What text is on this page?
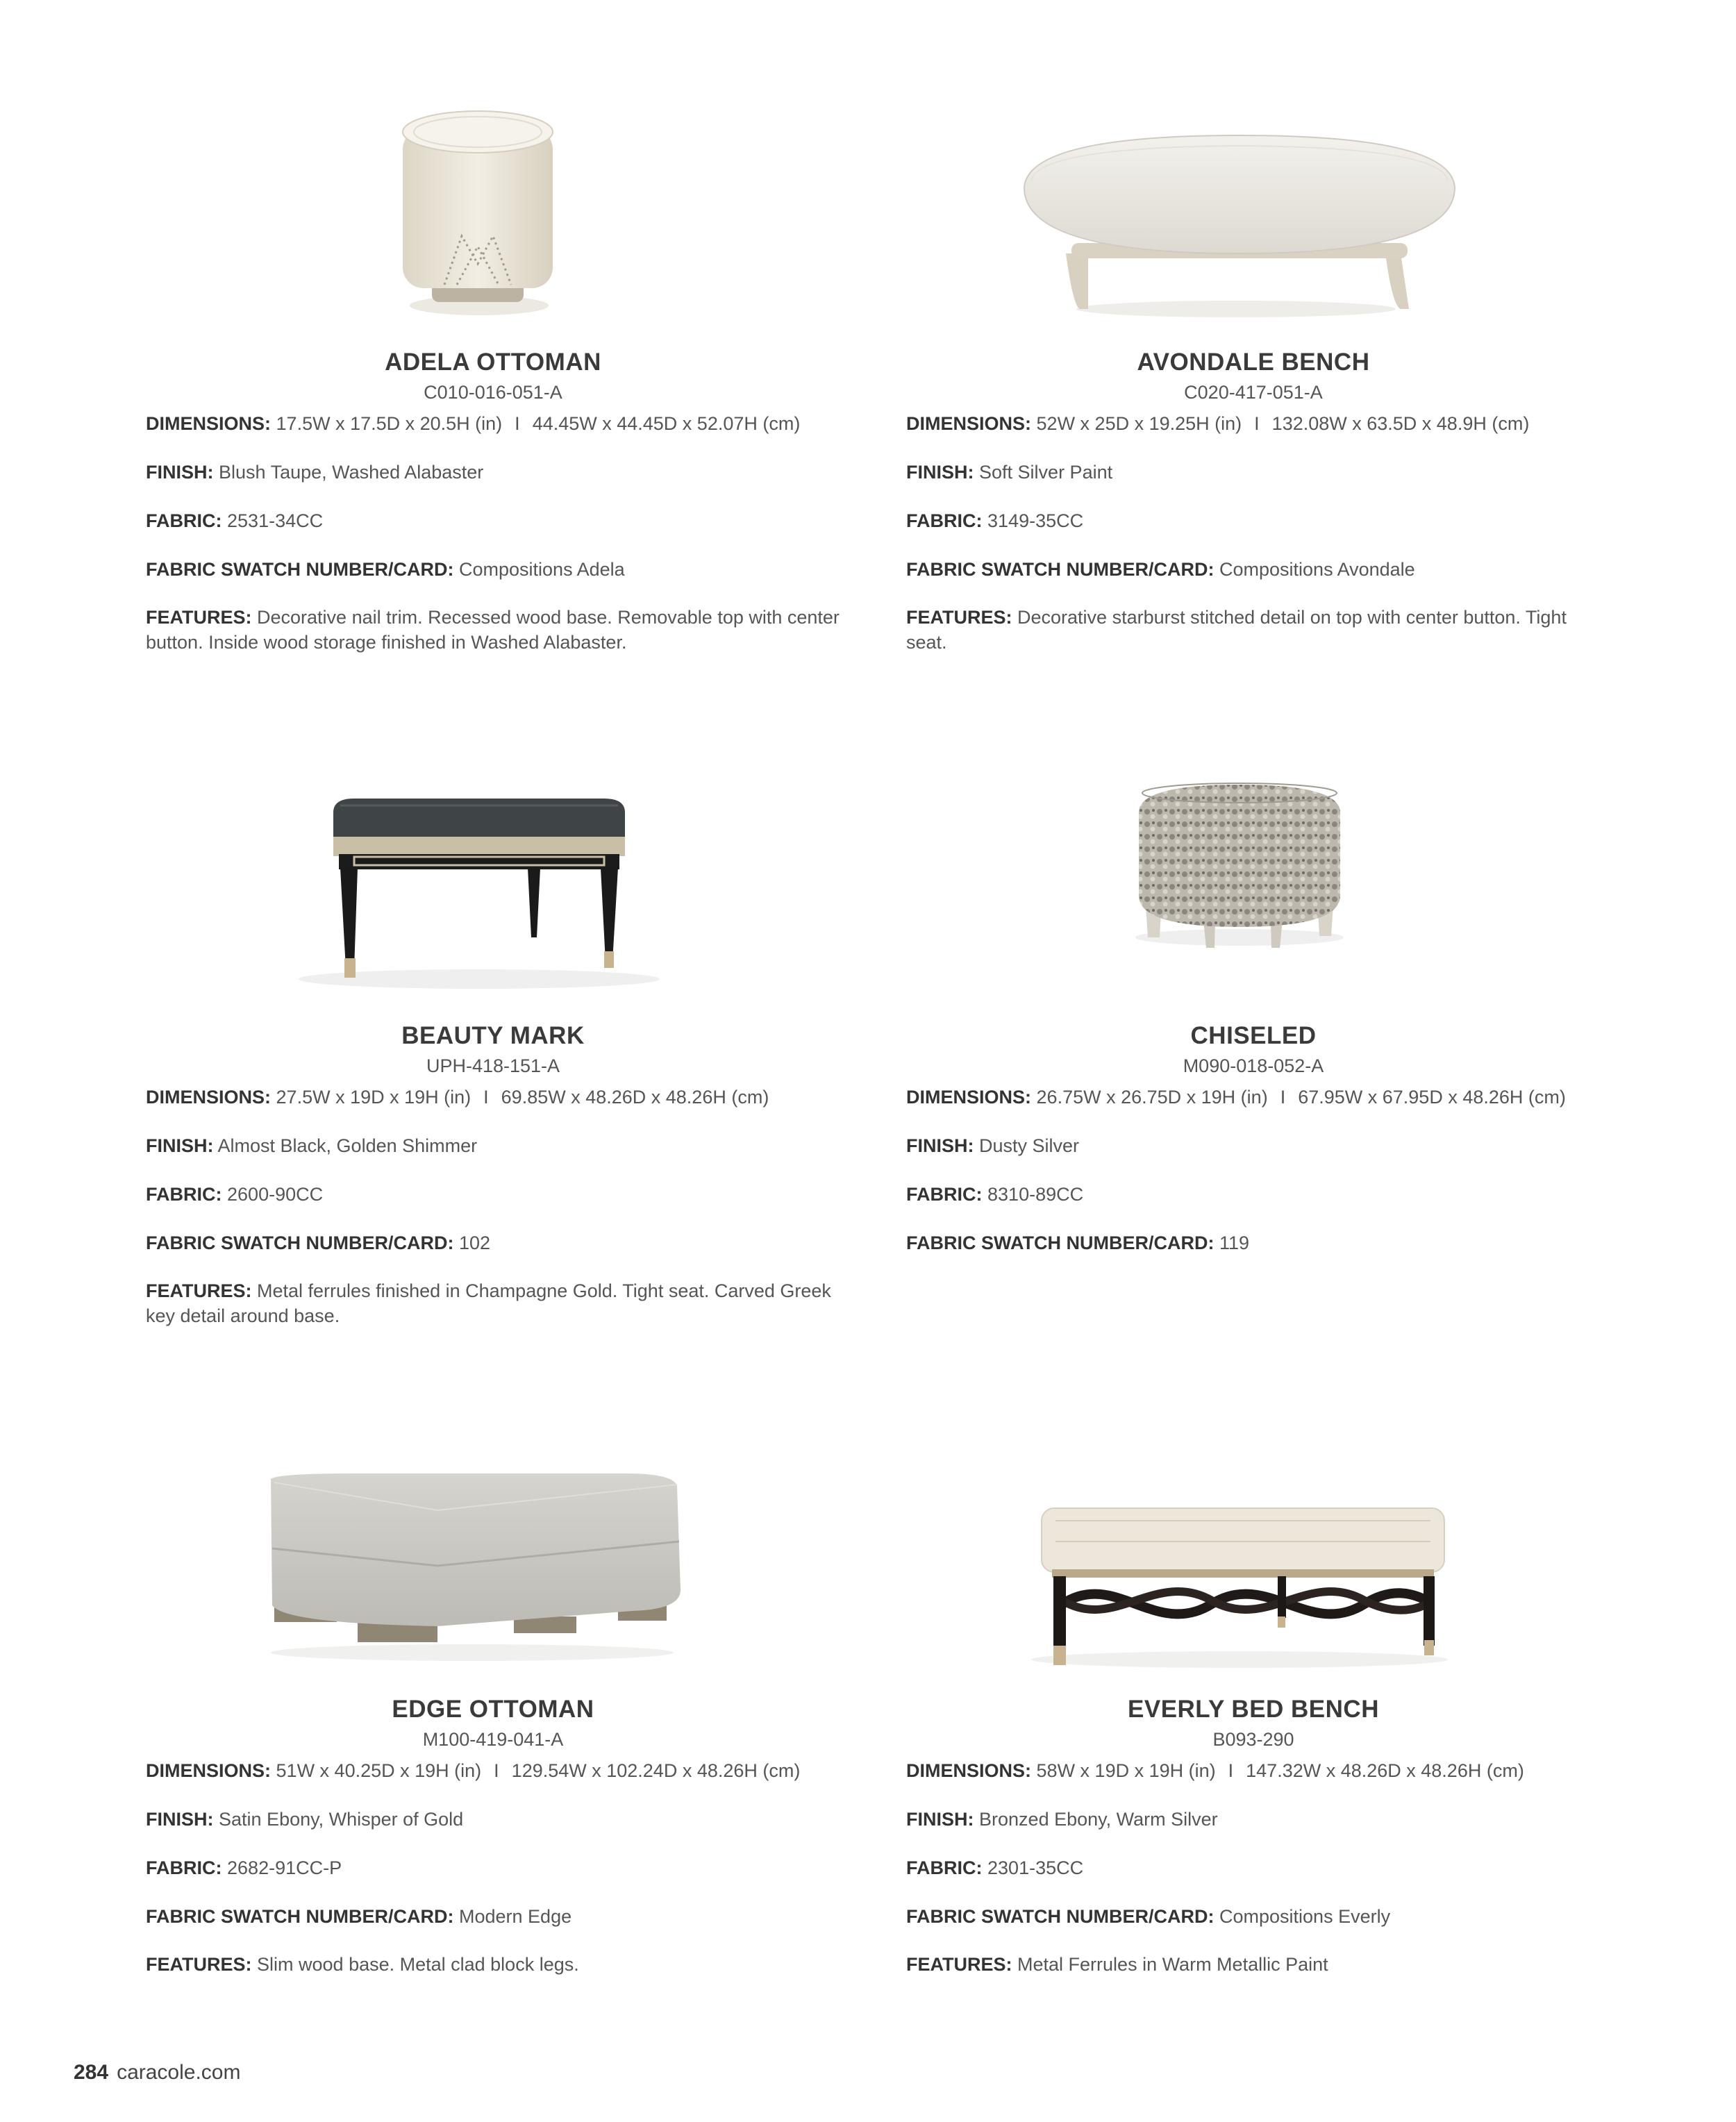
ADELA OTTOMAN
C010-016-051-A
DIMENSIONS: 17.5W x 17.5D x 20.5H (in) I 44.45W x 44.45D x 52.07H (cm)
FINISH: Blush Taupe, Washed Alabaster
FABRIC: 2531-34CC
FABRIC SWATCH NUMBER/CARD: Compositions Adela
FEATURES: Decorative nail trim. Recessed wood base. Removable top with center button. Inside wood storage finished in Washed Alabaster.
AVONDALE BENCH
C020-417-051-A
DIMENSIONS: 52W x 25D x 19.25H (in) I 132.08W x 63.5D x 48.9H (cm)
FINISH: Soft Silver Paint
FABRIC: 3149-35CC
FABRIC SWATCH NUMBER/CARD: Compositions Avondale
FEATURES: Decorative starburst stitched detail on top with center button. Tight seat.
BEAUTY MARK
UPH-418-151-A
DIMENSIONS: 27.5W x 19D x 19H (in) I 69.85W x 48.26D x 48.26H (cm)
FINISH: Almost Black, Golden Shimmer
FABRIC: 2600-90CC
FABRIC SWATCH NUMBER/CARD: 102
FEATURES: Metal ferrules finished in Champagne Gold. Tight seat. Carved Greek key detail around base.
CHISELED
M090-018-052-A
DIMENSIONS: 26.75W x 26.75D x 19H (in) I 67.95W x 67.95D x 48.26H (cm)
FINISH: Dusty Silver
FABRIC: 8310-89CC
FABRIC SWATCH NUMBER/CARD: 119
EDGE OTTOMAN
M100-419-041-A
DIMENSIONS: 51W x 40.25D x 19H (in) I 129.54W x 102.24D x 48.26H (cm)
FINISH: Satin Ebony, Whisper of Gold
FABRIC: 2682-91CC-P
FABRIC SWATCH NUMBER/CARD: Modern Edge
FEATURES: Slim wood base. Metal clad block legs.
EVERLY BED BENCH
B093-290
DIMENSIONS: 58W x 19D x 19H (in) I 147.32W x 48.26D x 48.26H (cm)
FINISH: Bronzed Ebony, Warm Silver
FABRIC: 2301-35CC
FABRIC SWATCH NUMBER/CARD: Compositions Everly
FEATURES: Metal Ferrules in Warm Metallic Paint
284 caracole.com
